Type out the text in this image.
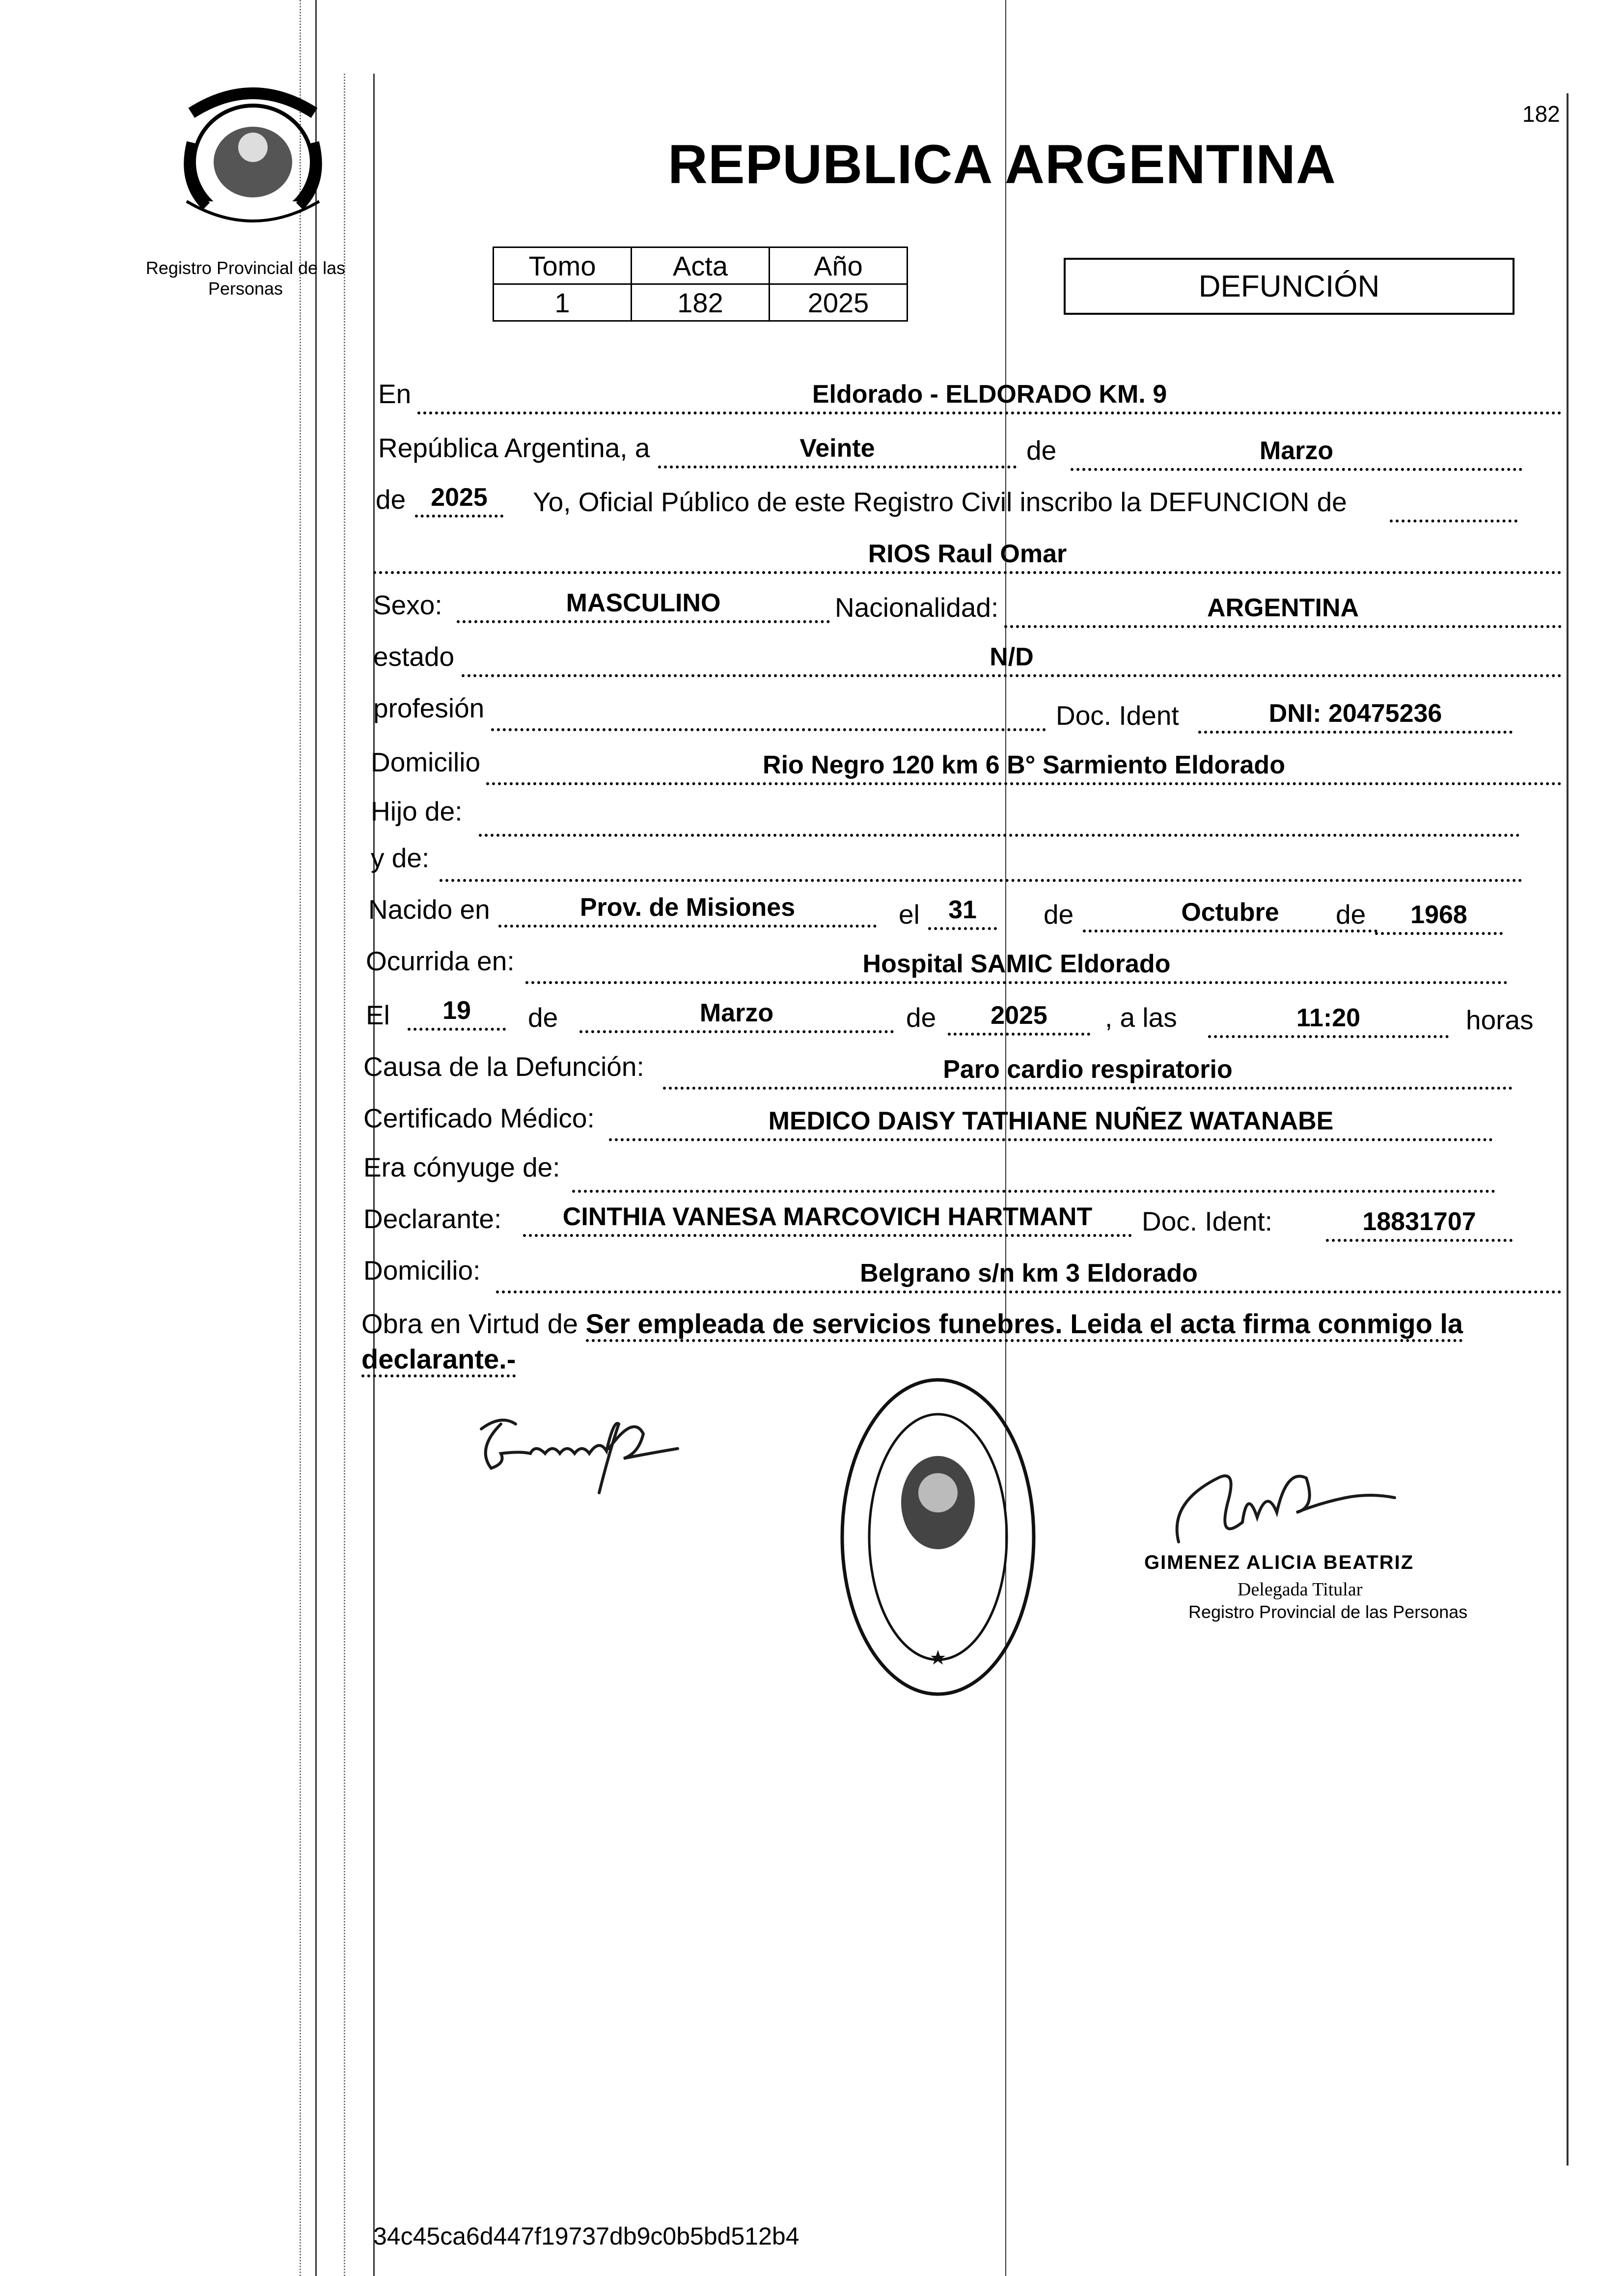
182
Registro Provincial de las Personas
REPUBLICA ARGENTINA
Tomo	Acta	Año
1	182	2025	DEFUNCIÓN
En	Eldorado - ELDORADO KM. 9
República Argentina, a	Veinte	de	Marzo
de 2025	Yo, Oficial Público de este Registro Civil inscribo la DEFUNCION de
RIOS Raul Omar
Sexo:	MASCULINO	Nacionalidad:	ARGENTINA
estado	N/D
profesión	Doc. Ident	DNI: 20475236
Domicilio	Rio Negro 120 km 6 B° Sarmiento Eldorado
Hijo de:
y de:
Nacido en	Prov. de Misiones	el	31	de	Octubre	de	1968
Ocurrida en:	Hospital SAMIC Eldorado
El	19	de	Marzo	de	2025	, a las	11:20	horas
Causa de la Defunción:	Paro cardio respiratorio
Certificado Médico:	MEDICO DAISY TATHIANE NUÑEZ WATANABE
Era cónyuge de:
Declarante:	CINTHIA VANESA MARCOVICH HARTMANT	Doc. Ident:	18831707
Domicilio:	Belgrano s/n km 3 Eldorado
Obra en Virtud de Ser empleada de servicios funebres. Leida el acta firma conmigo la declarante.-
GIMENEZ ALICIA BEATRIZ
Delegada Titular
Registro Provincial de las Personas
34c45ca6d447f19737db9c0b5bd512b4
